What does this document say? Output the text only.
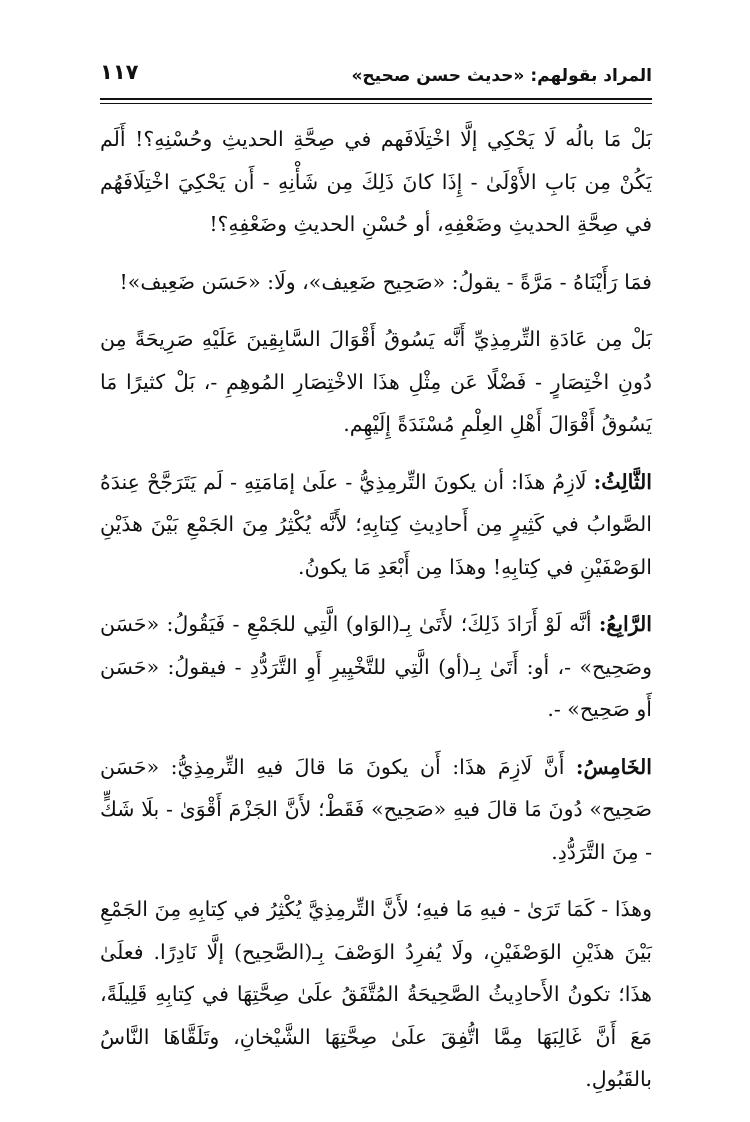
المراد بقولهم: «حديث حسن صحيح»
١١٧

بَلْ مَا بالُه لَا يَحْكِي إلَّا اخْتِلَافَهم في صِحَّةِ الحديثِ وحُسْنِهِ؟! أَلَم يَكُنْ مِن بَابِ الأَوْلَىٰ - إِذَا كانَ ذَلِكَ مِن شَأْنِهِ - أَن يَحْكِيَ اخْتِلَافَهُم في صِحَّةِ الحديثِ وضَعْفِهِ، أو حُسْنِ الحديثِ وضَعْفِهِ؟!

فمَا رَأَيْنَاهُ - مَرَّةً - يقولُ: «صَحِيح ضَعِيف»، ولَا: «حَسَن ضَعِيف»!

بَلْ مِن عَادَةِ التِّرمِذِيِّ أَنَّه يَسُوقُ أَقْوَالَ السَّابِقِينَ عَلَيْهِ صَرِيحَةً مِن دُونِ اخْتِصَارٍ - فَضْلًا عَن مِثْلِ هذَا الاخْتِصَارِ المُوهِمِ -، بَلْ كثيرًا مَا يَسُوقُ أَقْوَالَ أَهْلِ العِلْمِ مُسْنَدَةً إِلَيْهِم.

الثَّالِثُ: لَازِمُ هذَا: أن يكونَ التِّرمِذِيُّ - علَىٰ إمَامَتِهِ - لَم يَتَرَجَّحْ عِندَهُ الصَّوابُ في كَثِيرٍ مِن أَحادِيثِ كِتابِهِ؛ لأَنَّه يُكْثِرُ مِنَ الجَمْعِ بَيْنَ هذَيْنِ الوَصْفَيْنِ في كِتابِهِ! وهذَا مِن أَبْعَدِ مَا يكونُ.

الرَّابِعُ: أنَّه لَوْ أَرَادَ ذَلِكَ؛ لأَتَىٰ بِـ(الوَاو) الَّتِي للجَمْعِ - فَيَقُولُ: «حَسَن وصَحِيح» -، أو: أَتَىٰ بِـ(أو) الَّتِي للتَّخْيِيرِ أَوِ التَّرَدُّدِ - فيقولُ: «حَسَن أَو صَحِيح» -.

الخَامِسُ: أَنَّ لَازِمَ هذَا: أَن يكونَ مَا قالَ فيهِ التِّرمِذِيُّ: «حَسَن صَحِيح» دُونَ مَا قالَ فيهِ «صَحِيح» فَقَطْ؛ لأَنَّ الجَزْمَ أَقْوَىٰ - بلَا شَكٍّ - مِنَ التَّرَدُّدِ.

وهذَا - كَمَا تَرَىٰ - فيهِ مَا فيهِ؛ لأَنَّ التِّرمِذِيَّ يُكْثِرُ في كِتابِهِ مِنَ الجَمْعِ بَيْنَ هذَيْنِ الوَصْفَيْنِ، ولَا يُفرِدُ الوَصْفَ بِـ(الصَّحِيح) إلَّا نَادِرًا. فعلَىٰ هذَا؛ تكونُ الأَحادِيثُ الصَّحِيحَةُ المُتَّفَقُ علَىٰ صِحَّتِهَا في كِتابِهِ قَلِيلَةً، مَعَ أَنَّ غَالِبَهَا مِمَّا اتُّفِقَ علَىٰ صِحَّتِهَا الشَّيْخانِ، وتَلَقَّاهَا النَّاسُ بالقَبُولِ.
